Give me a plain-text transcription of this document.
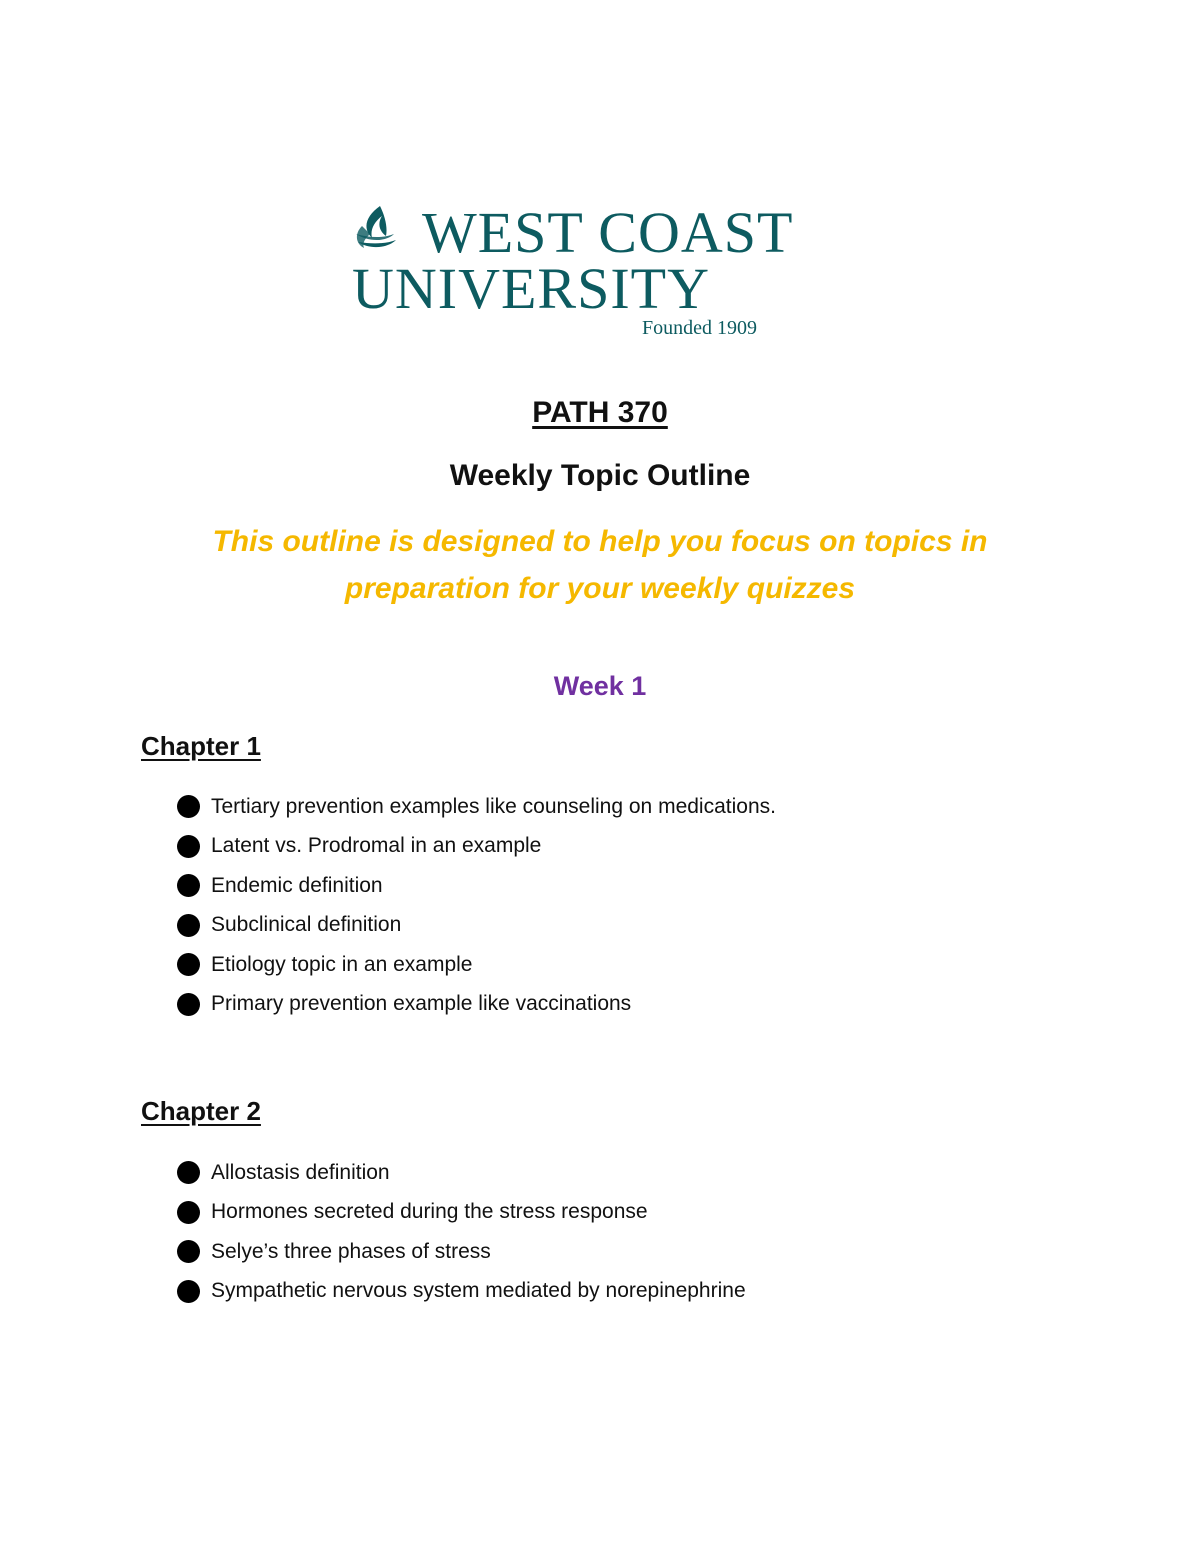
WEST COAST
UNIVERSITY
Founded 1909
PATH 370
Weekly Topic Outline
This outline is designed to help you focus on topics in
preparation for your weekly quizzes
Week 1
Chapter 1
Tertiary prevention examples like counseling on medications.
Latent vs. Prodromal in an example
Endemic definition
Subclinical definition
Etiology topic in an example
Primary prevention example like vaccinations
Chapter 2
Allostasis definition
Hormones secreted during the stress response
Selye’s three phases of stress
Sympathetic nervous system mediated by norepinephrine
